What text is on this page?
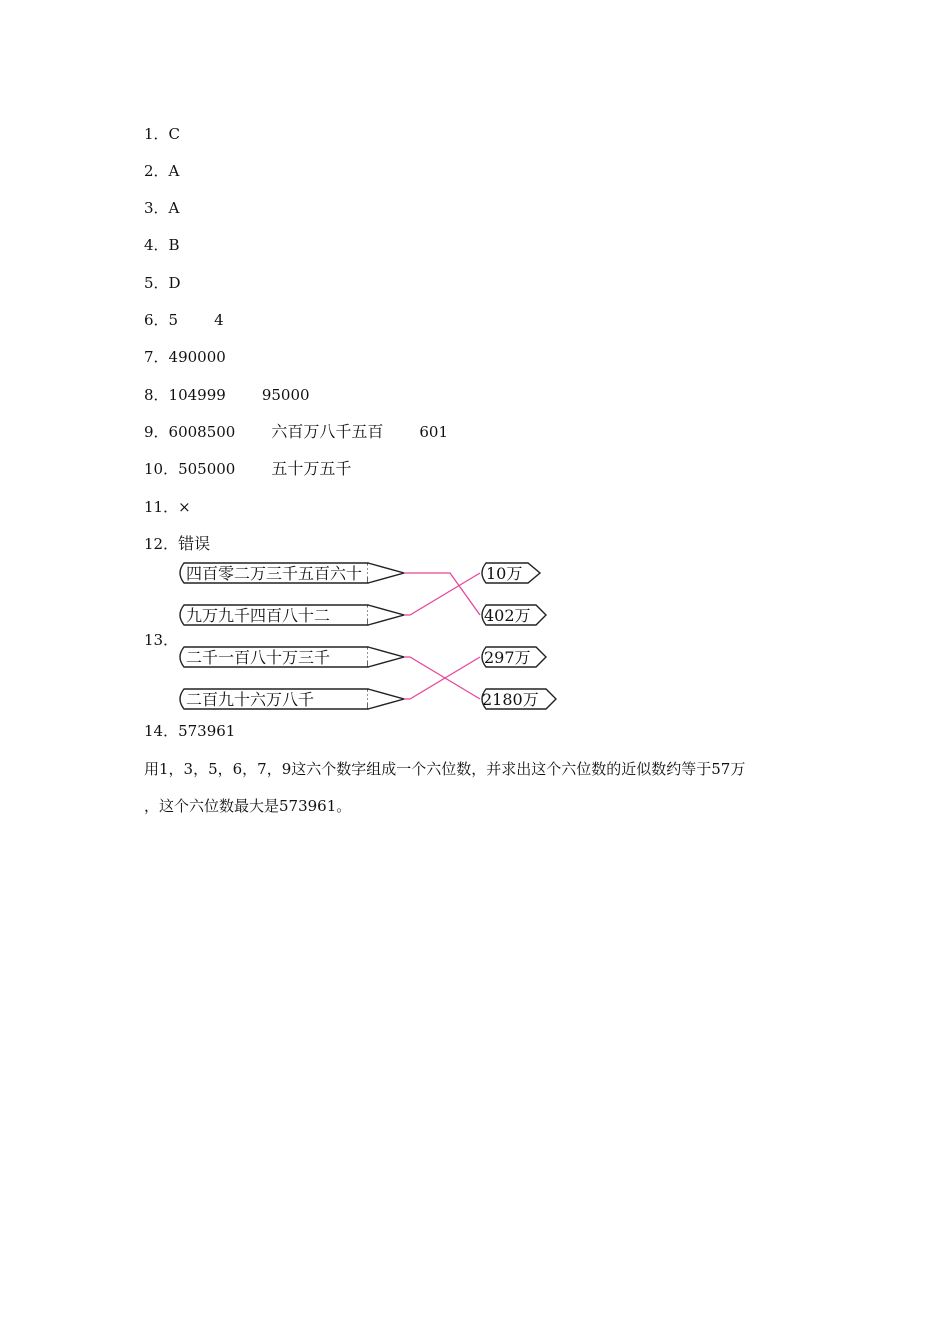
1．C
2．A
3．A
4．B
5．D
6．5 4
7．490000
8．104999 95000
9．6008500 六百万八千五百 601
10．505000 五十万五千
11．×
12．错误
13．
四百零二万三千五百六十
九万九千四百八十二
二千一百八十万三千
二百九十六万八千
10万
402万
297万
2180万
14．573961
用1，3，5，6，7，9这六个数字组成一个六位数，并求出这个六位数的近似数约等于57万
，这个六位数最大是573961。
